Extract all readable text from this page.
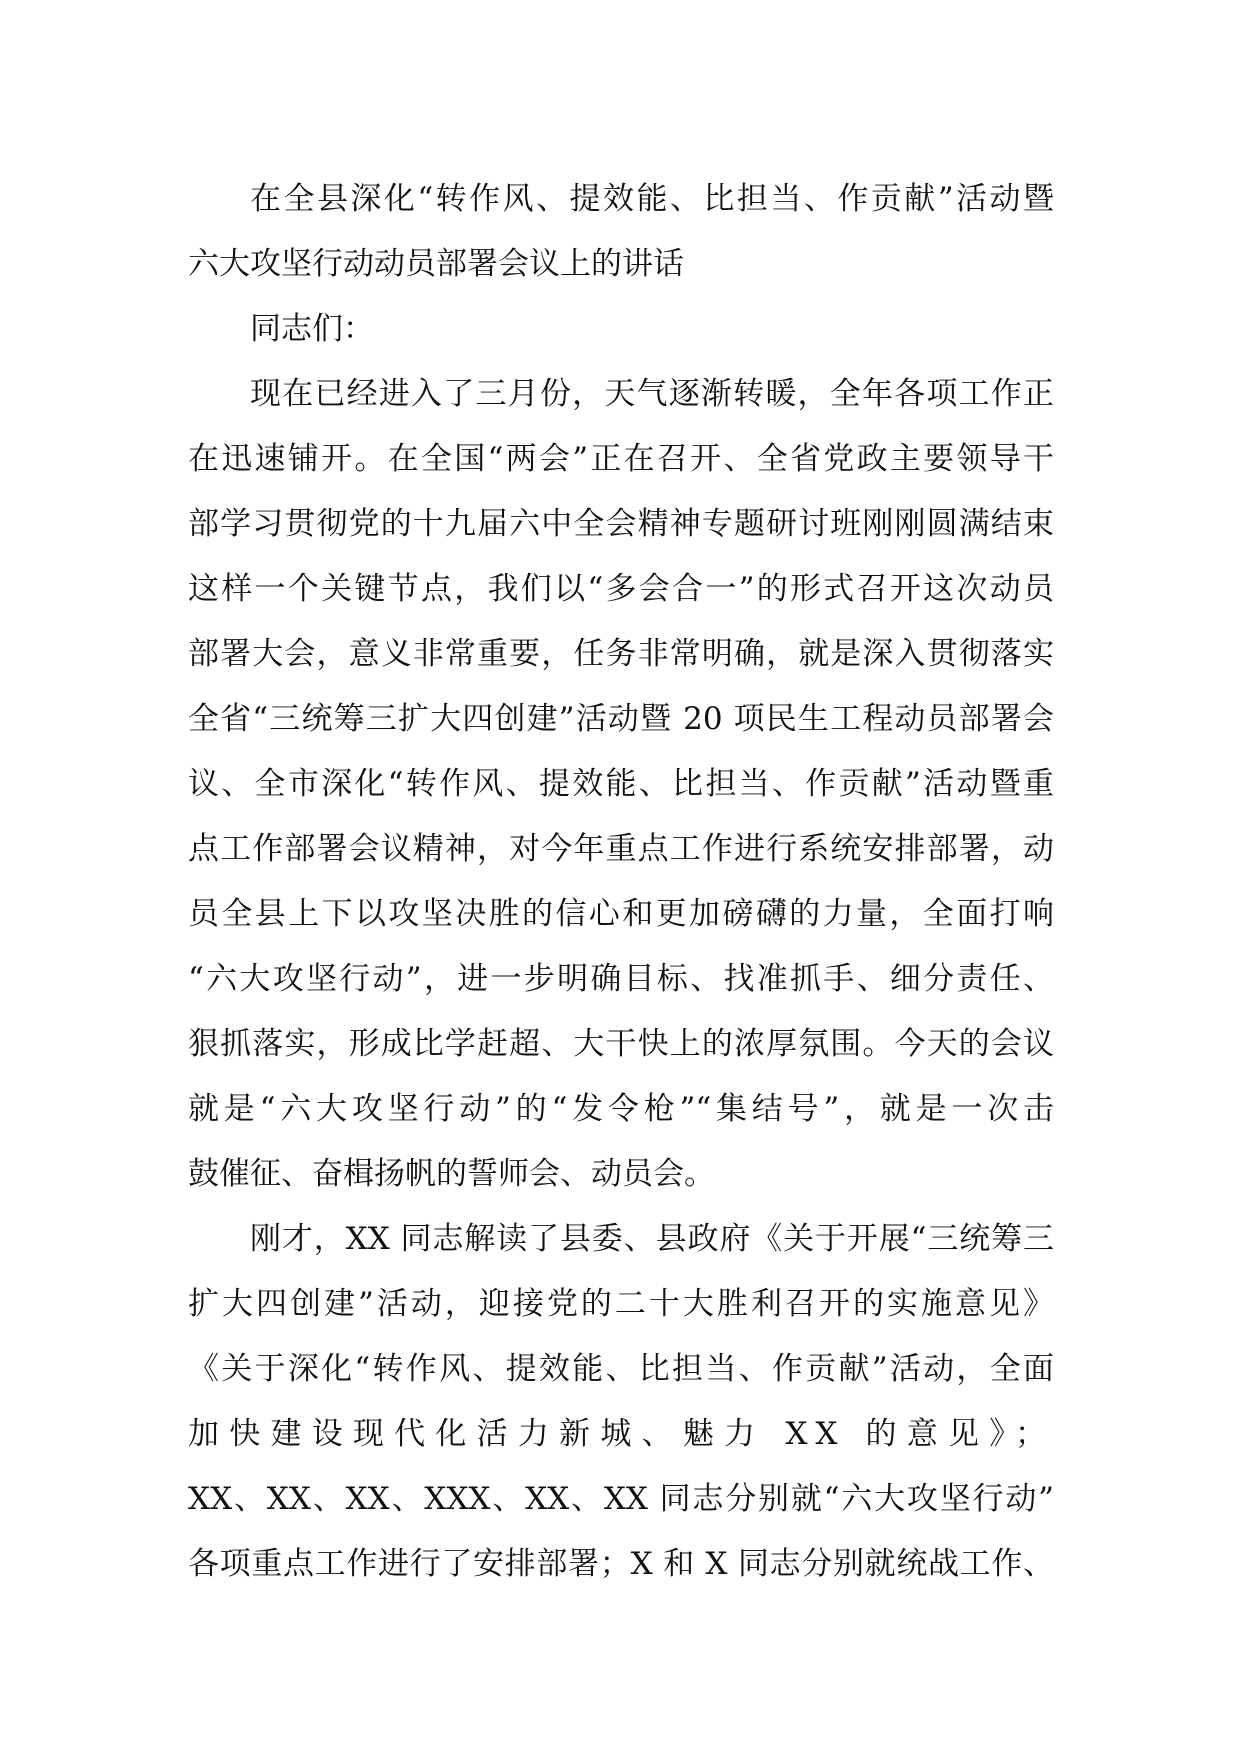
在全县深化“转作风、提效能、比担当、作贡献”活动暨
六大攻坚行动动员部署会议上的讲话
同志们：
现在已经进入了三月份，天气逐渐转暖，全年各项工作正
在迅速铺开。在全国“两会”正在召开、全省党政主要领导干
部学习贯彻党的十九届六中全会精神专题研讨班刚刚圆满结束
这样一个关键节点，我们以“多会合一”的形式召开这次动员
部署大会，意义非常重要，任务非常明确，就是深入贯彻落实
全省“三统筹三扩大四创建”活动暨 20 项民生工程动员部署会
议、全市深化“转作风、提效能、比担当、作贡献”活动暨重
点工作部署会议精神，对今年重点工作进行系统安排部署，动
员全县上下以攻坚决胜的信心和更加磅礴的力量，全面打响
“六大攻坚行动”，进一步明确目标、找准抓手、细分责任、
狠抓落实，形成比学赶超、大干快上的浓厚氛围。今天的会议
就是“六大攻坚行动”的“发令枪”“集结号”，就是一次击
鼓催征、奋楫扬帆的誓师会、动员会。
刚才，XX 同志解读了县委、县政府《关于开展“三统筹三
扩大四创建”活动，迎接党的二十大胜利召开的实施意见》
《关于深化“转作风、提效能、比担当、作贡献”活动，全面
加快建设现代化活力新城、魅力 XX 的意见》；
XX、XX、XX、XXX、XX、XX 同志分别就“六大攻坚行动”
各项重点工作进行了安排部署；X 和 X 同志分别就统战工作、
